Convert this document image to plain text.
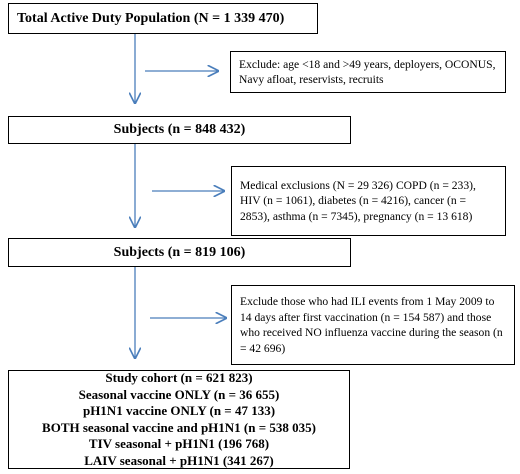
Total Active Duty Population (N = 1 339 470)
Exclude: age <18 and >49 years, deployers, OCONUS, Navy afloat, reservists, recruits
Subjects (n = 848 432)
Medical exclusions (N = 29 326) COPD (n = 233), HIV (n = 1061), diabetes (n = 4216), cancer (n = 2853), asthma (n = 7345), pregnancy (n = 13 618)
Subjects (n = 819 106)
Exclude those who had ILI events from 1 May 2009 to 14 days after first vaccination (n = 154 587) and those who received NO influenza vaccine during the season (n = 42 696)
Study cohort (n = 621 823)
Seasonal vaccine ONLY (n = 36 655)
pH1N1 vaccine ONLY (n = 47 133)
BOTH seasonal vaccine and pH1N1 (n = 538 035)
TIV seasonal + pH1N1 (196 768)
LAIV seasonal + pH1N1 (341 267)
